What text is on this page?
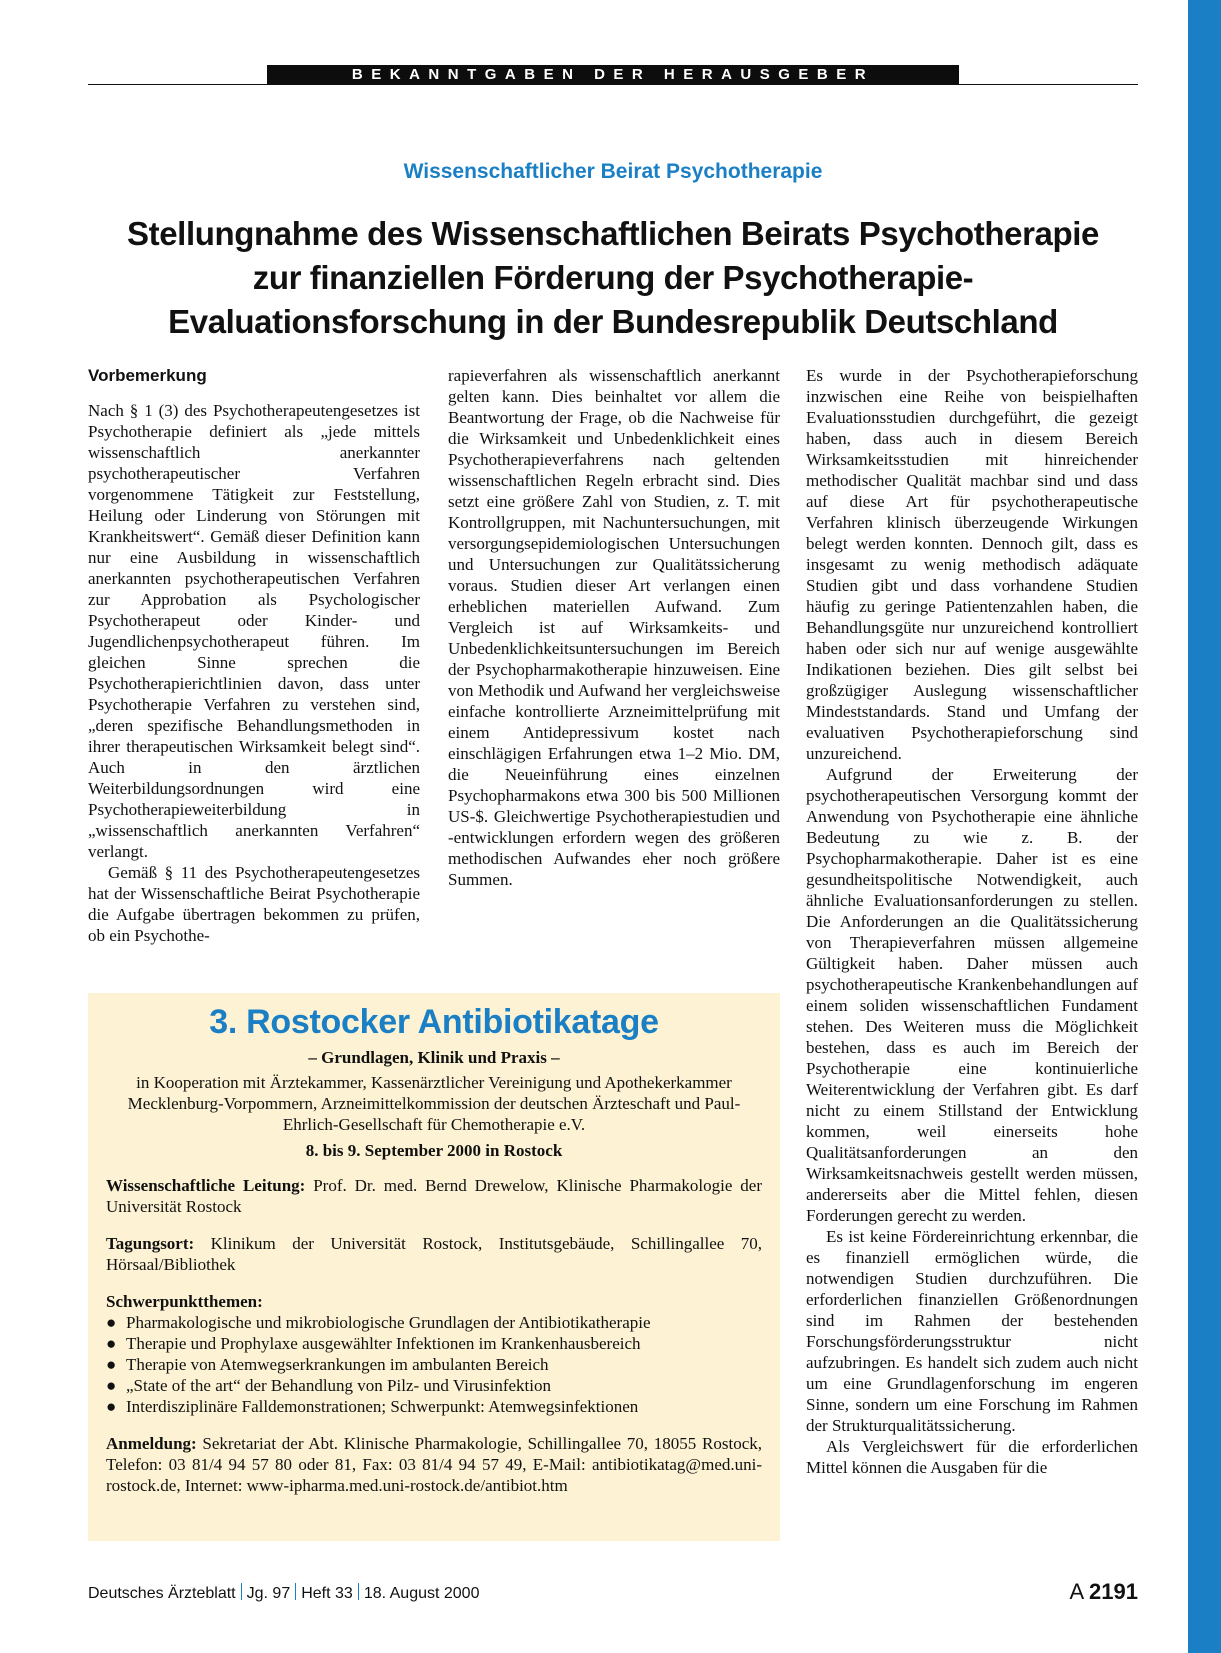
BEKANNTGABEN DER HERAUSGEBER
Wissenschaftlicher Beirat Psychotherapie
Stellungnahme des Wissenschaftlichen Beirats Psychotherapie
zur finanziellen Förderung der Psychotherapie-
Evaluationsforschung in der Bundesrepublik Deutschland
Vorbemerkung

Nach § 1 (3) des Psychotherapeutengesetzes ist Psychotherapie definiert als „jede mittels wissenschaftlich anerkannter psychotherapeutischer Verfahren vorgenommene Tätigkeit zur Feststellung, Heilung oder Linderung von Störungen mit Krankheitswert“. Gemäß dieser Definition kann nur eine Ausbildung in wissenschaftlich anerkannten psychotherapeutischen Verfahren zur Approbation als Psychologischer Psychotherapeut oder Kinder- und Jugendlichenpsychotherapeut führen. Im gleichen Sinne sprechen die Psychotherapierichtlinien davon, dass unter Psychotherapie Verfahren zu verstehen sind, „deren spezifische Behandlungsmethoden in ihrer therapeutischen Wirksamkeit belegt sind“. Auch in den ärztlichen Weiterbildungsordnungen wird eine Psychotherapieweiterbildung in „wissenschaftlich anerkannten Verfahren“ verlangt.

Gemäß § 11 des Psychotherapeutengesetzes hat der Wissenschaftliche Beirat Psychotherapie die Aufgabe übertragen bekommen zu prüfen, ob ein Psychothe-

rapieverfahren als wissenschaftlich anerkannt gelten kann. Dies beinhaltet vor allem die Beantwortung der Frage, ob die Nachweise für die Wirksamkeit und Unbedenklichkeit eines Psychotherapieverfahrens nach geltenden wissenschaftlichen Regeln erbracht sind. Dies setzt eine größere Zahl von Studien, z. T. mit Kontrollgruppen, mit Nachuntersuchungen, mit versorgungsepidemiologischen Untersuchungen und Untersuchungen zur Qualitätssicherung voraus. Studien dieser Art verlangen einen erheblichen materiellen Aufwand. Zum Vergleich ist auf Wirksamkeits- und Unbedenklichkeitsuntersuchungen im Bereich der Psychopharmakotherapie hinzuweisen. Eine von Methodik und Aufwand her vergleichsweise einfache kontrollierte Arzneimittelprüfung mit einem Antidepressivum kostet nach einschlägigen Erfahrungen etwa 1–2 Mio. DM, die Neueinführung eines einzelnen Psychopharmakons etwa 300 bis 500 Millionen US-$. Gleichwertige Psychotherapiestudien und -entwicklungen erfordern wegen des größeren methodischen Aufwandes eher noch größere Summen.

Es wurde in der Psychotherapieforschung inzwischen eine Reihe von beispielhaften Evaluationsstudien durchgeführt, die gezeigt haben, dass auch in diesem Bereich Wirksamkeitsstudien mit hinreichender methodischer Qualität machbar sind und dass auf diese Art für psychotherapeutische Verfahren klinisch überzeugende Wirkungen belegt werden konnten. Dennoch gilt, dass es insgesamt zu wenig methodisch adäquate Studien gibt und dass vorhandene Studien häufig zu geringe Patientenzahlen haben, die Behandlungsgüte nur unzureichend kontrolliert haben oder sich nur auf wenige ausgewählte Indikationen beziehen. Dies gilt selbst bei großzügiger Auslegung wissenschaftlicher Mindeststandards. Stand und Umfang der evaluativen Psychotherapieforschung sind unzureichend.

Aufgrund der Erweiterung der psychotherapeutischen Versorgung kommt der Anwendung von Psychotherapie eine ähnliche Bedeutung zu wie z. B. der Psychopharmakotherapie. Daher ist es eine gesundheitspolitische Notwendigkeit, auch ähnliche Evaluationsanforderungen zu stellen. Die Anforderungen an die Qualitätssicherung von Therapieverfahren müssen allgemeine Gültigkeit haben. Daher müssen auch psychotherapeutische Krankenbehandlungen auf einem soliden wissenschaftlichen Fundament stehen. Des Weiteren muss die Möglichkeit bestehen, dass es auch im Bereich der Psychotherapie eine kontinuierliche Weiterentwicklung der Verfahren gibt. Es darf nicht zu einem Stillstand der Entwicklung kommen, weil einerseits hohe Qualitätsanforderungen an den Wirksamkeitsnachweis gestellt werden müssen, andererseits aber die Mittel fehlen, diesen Forderungen gerecht zu werden.

Es ist keine Fördereinrichtung erkennbar, die es finanziell ermöglichen würde, die notwendigen Studien durchzuführen. Die erforderlichen finanziellen Größenordnungen sind im Rahmen der bestehenden Forschungsförderungsstruktur nicht aufzubringen. Es handelt sich zudem auch nicht um eine Grundlagenforschung im engeren Sinne, sondern um eine Forschung im Rahmen der Strukturqualitätssicherung.

Als Vergleichswert für die erforderlichen Mittel können die Ausgaben für die

3. Rostocker Antibiotikatage
– Grundlagen, Klinik und Praxis –
in Kooperation mit Ärztekammer, Kassenärztlicher Vereinigung und Apothekerkammer Mecklenburg-Vorpommern, Arzneimittelkommission der deutschen Ärzteschaft und Paul-Ehrlich-Gesellschaft für Chemotherapie e.V.
8. bis 9. September 2000 in Rostock
Wissenschaftliche Leitung: Prof. Dr. med. Bernd Drewelow, Klinische Pharmakologie der Universität Rostock
Tagungsort: Klinikum der Universität Rostock, Institutsgebäude, Schillingallee 70, Hörsaal/Bibliothek
Schwerpunktthemen:
● Pharmakologische und mikrobiologische Grundlagen der Antibiotikatherapie
● Therapie und Prophylaxe ausgewählter Infektionen im Krankenhausbereich
● Therapie von Atemwegserkrankungen im ambulanten Bereich
● „State of the art“ der Behandlung von Pilz- und Virusinfektion
● Interdisziplinäre Falldemonstrationen; Schwerpunkt: Atemwegsinfektionen
Anmeldung: Sekretariat der Abt. Klinische Pharmakologie, Schillingallee 70, 18055 Rostock, Telefon: 03 81/4 94 57 80 oder 81, Fax: 03 81/4 94 57 49, E-Mail: antibiotikatag@med.uni-rostock.de, Internet: www-ipharma.med.uni-rostock.de/antibiot.htm
Deutsches Ärzteblatt Jg. 97 Heft 33 18. August 2000	A 2191
